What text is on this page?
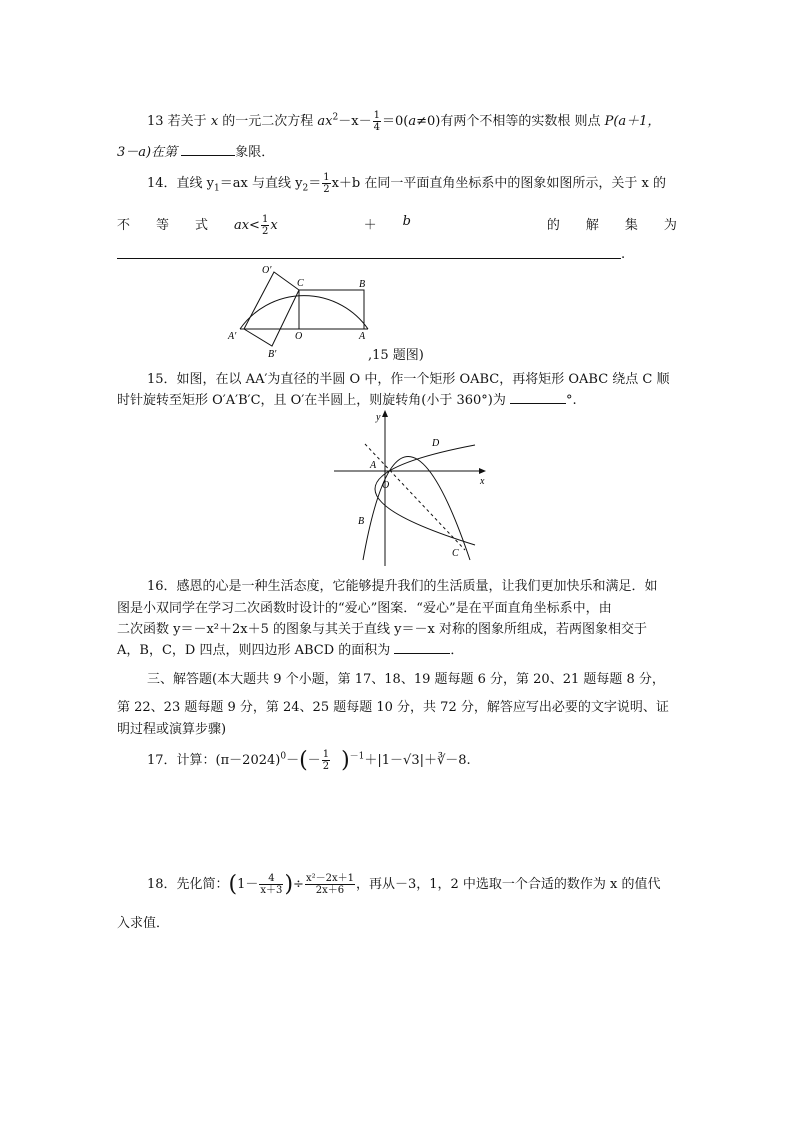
13 若关于 x 的一元二次方程 $ax^2-x- \frac{1}{4} =0(a\ne 0)$有两个不相等的实数根 则点 P(a＋1，
3－a)在第	象限．
14．直线 $y_1=ax$ 与直线 $y_2= \frac{1}{2} x+b$ 在同一平面直角坐标系中的图象如图所示，关于 x 的
不 等 式 $ax< \frac{1}{2}$ x	＋ b	的 解 集 为
.
O′
C	B
A′	O	A
B′	,15 题图)
15．如图，在以 AA′为直径的半圆 O 中，作一个矩形 OABC，再将矩形 OABC 绕点 C 顺
时针旋转至矩形 O′A′B′C，且 O′在半圆上，则旋转角(小于 360°)为	°.
y
x
D
A
O
B
C
16．感恩的心是一种生活态度，它能够提升我们的生活质量，让我们更加快乐和满足．如
图是小双同学在学习二次函数时设计的“爱心”图案．“爱心”是在平面直角坐标系中，由
二次函数 y＝－x²＋2x＋5 的图象与其关于直线 y＝－x 对称的图象所组成，若两图象相交于
A，B，C，D 四点，则四边形 ABCD 的面积为	．
三、解答题(本大题共 9 个小题，第 17、18、19 题每题 6 分，第 20、21 题每题 8 分，
第 22、23 题每题 9 分，第 24、25 题每题 10 分，共 72 分，解答应写出必要的文字说明、证
明过程或演算步骤)
17．计算：$(\pi-2024)^0-(- \frac{1}{2}$ )$^{-1}+|1-√3|+∛-8$.
18．先化简：($1- \frac{4}{x+3}$ )÷ $\frac{\text{x²－2x＋1}}{2x+6}$ ，再从－3，1，2 中选取一个合适的数作为 x 的值代
入求值．
